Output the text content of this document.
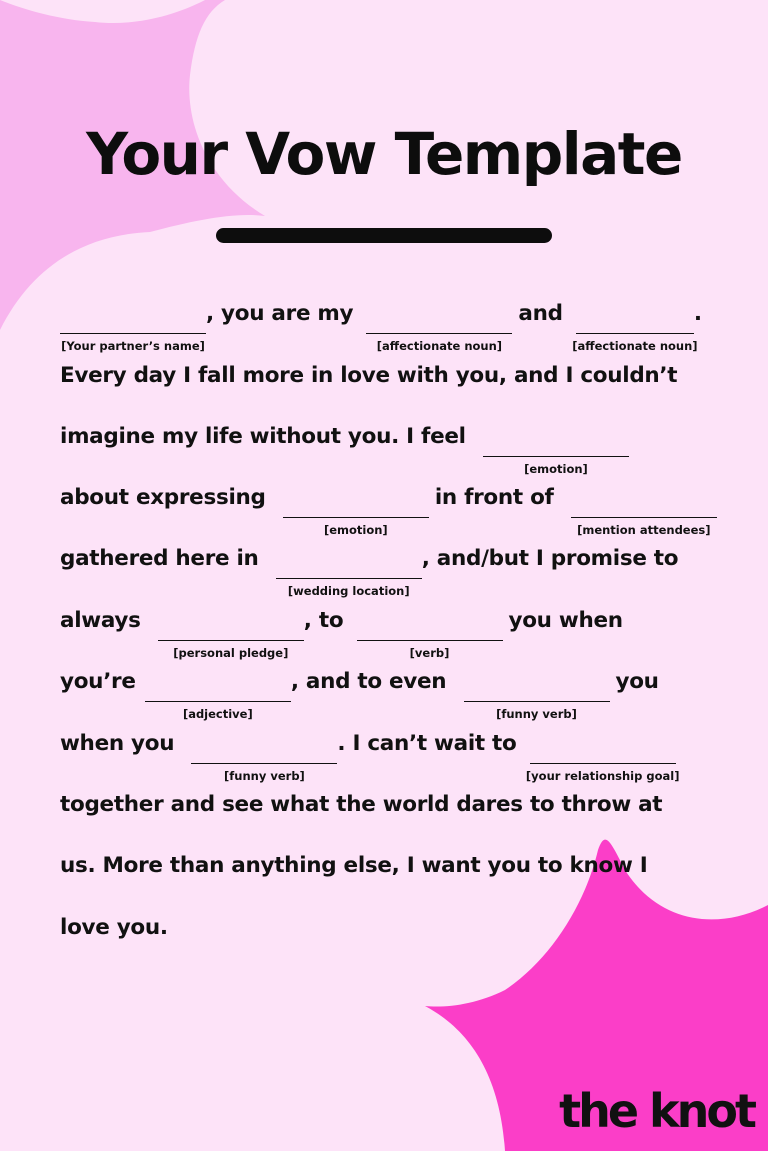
Your Vow Template
[Your partner’s name]
, you are my
[affectionate noun]
and
[affectionate noun]
.
Every day I fall more in love with you, and I couldn’t
imagine my life without you. I feel
[emotion]
about expressing
[emotion]
in front of
[mention attendees]
gathered here in
[wedding location]
, and/but I promise to
always
[personal pledge]
, to
[verb]
you when
you’re
[adjective]
, and to even
[funny verb]
you
when you
[funny verb]
. I can’t wait to
[your relationship goal]
together and see what the world dares to throw at
us. More than anything else, I want you to know I
love you.
the knot
